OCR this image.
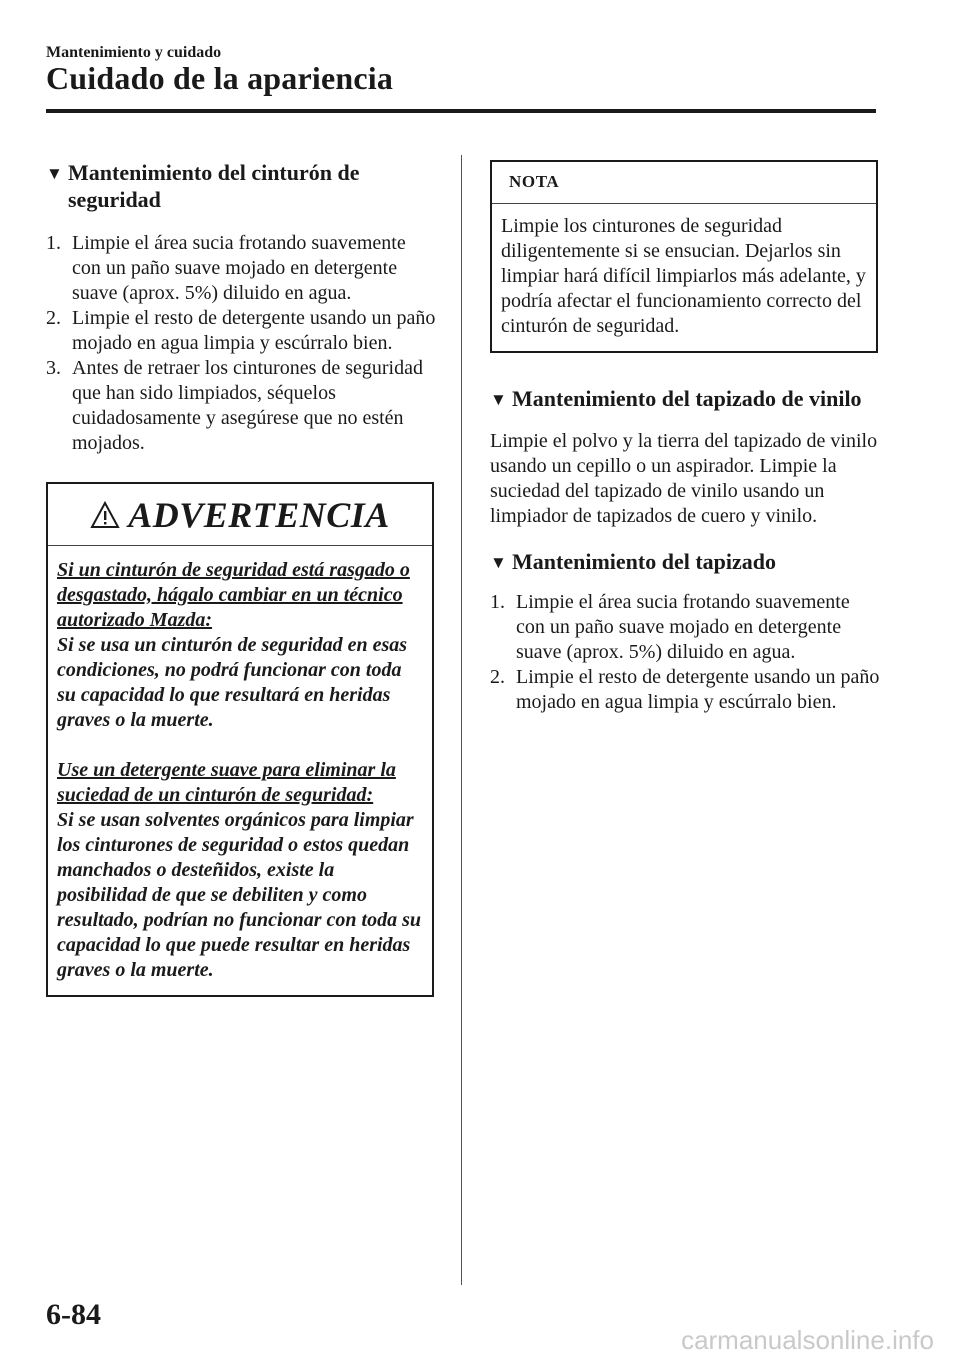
Mantenimiento y cuidado
Cuidado de la apariencia
▼ Mantenimiento del cinturón de seguridad
1. Limpie el área sucia frotando suavemente con un paño suave mojado en detergente suave (aprox. 5%) diluido en agua.
2. Limpie el resto de detergente usando un paño mojado en agua limpia y escúrralo bien.
3. Antes de retraer los cinturones de seguridad que han sido limpiados, séquelos cuidadosamente y asegúrese que no estén mojados.
ADVERTENCIA
Si un cinturón de seguridad está rasgado o desgastado, hágalo cambiar en un técnico autorizado Mazda:
Si se usa un cinturón de seguridad en esas condiciones, no podrá funcionar con toda su capacidad lo que resultará en heridas graves o la muerte.
Use un detergente suave para eliminar la suciedad de un cinturón de seguridad:
Si se usan solventes orgánicos para limpiar los cinturones de seguridad o estos quedan manchados o desteñidos, existe la posibilidad de que se debiliten y como resultado, podrían no funcionar con toda su capacidad lo que puede resultar en heridas graves o la muerte.
NOTA
Limpie los cinturones de seguridad diligentemente si se ensucian. Dejarlos sin limpiar hará difícil limpiarlos más adelante, y podría afectar el funcionamiento correcto del cinturón de seguridad.
▼ Mantenimiento del tapizado de vinilo
Limpie el polvo y la tierra del tapizado de vinilo usando un cepillo o un aspirador. Limpie la suciedad del tapizado de vinilo usando un limpiador de tapizados de cuero y vinilo.
▼ Mantenimiento del tapizado
1. Limpie el área sucia frotando suavemente con un paño suave mojado en detergente suave (aprox. 5%) diluido en agua.
2. Limpie el resto de detergente usando un paño mojado en agua limpia y escúrralo bien.
6-84
carmanualsonline.info
